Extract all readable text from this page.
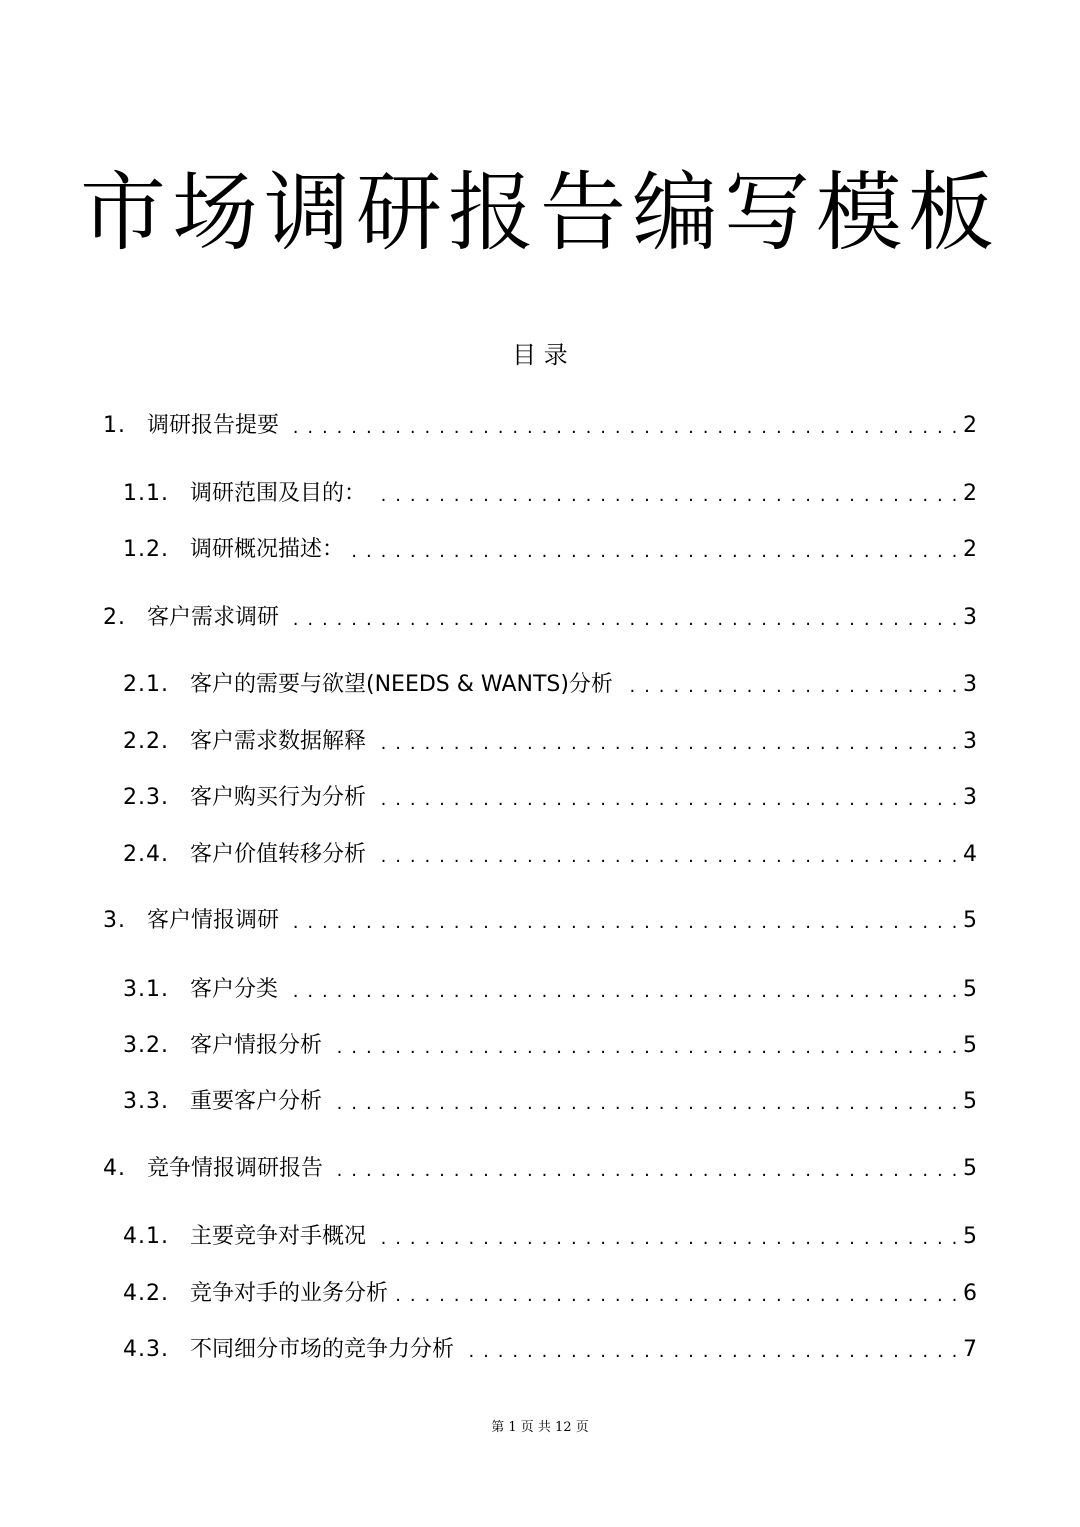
市场调研报告编写模板
目 录
1. 调研报告提要 . . .	2
1.1. 调研范围及目的： . . .	2
1.2. 调研概况描述： . . .	2
2. 客户需求调研 . . .	3
2.1. 客户的需要与欲望(NEEDS & WANTS)分析 . . .	3
2.2. 客户需求数据解释 . . .	3
2.3. 客户购买行为分析 . . .	3
2.4. 客户价值转移分析 . . .	4
3. 客户情报调研 . . .	5
3.1. 客户分类 . . .	5
3.2. 客户情报分析 . . .	5
3.3. 重要客户分析 . . .	5
4. 竞争情报调研报告 . . .	5
4.1. 主要竞争对手概况 . . .	5
4.2. 竞争对手的业务分析 . . .	6
4.3. 不同细分市场的竞争力分析 . . .	7
第 1 页 共 12 页
